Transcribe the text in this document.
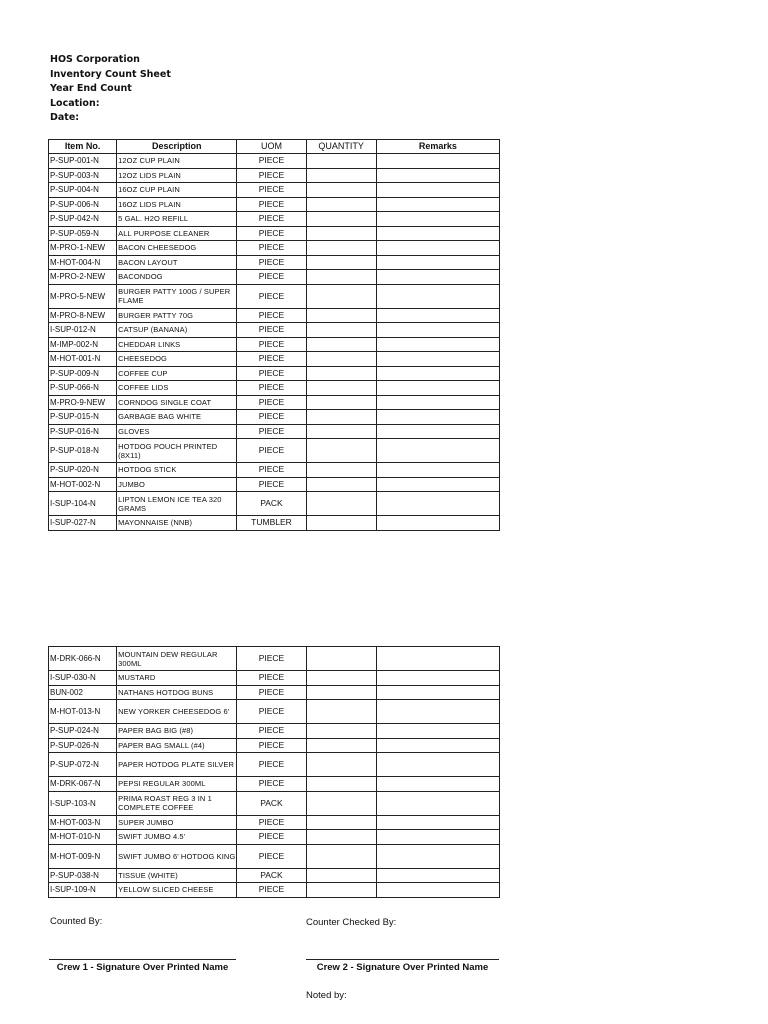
HOS Corporation
Inventory Count Sheet
Year End Count
Location:
Date:
Item No.	Description	UOM	QUANTITY	Remarks
P-SUP-001-N	12OZ CUP PLAIN	PIECE		
P-SUP-003-N	12OZ LIDS PLAIN	PIECE		
P-SUP-004-N	16OZ CUP PLAIN	PIECE		
P-SUP-006-N	16OZ LIDS PLAIN	PIECE		
P-SUP-042-N	5 GAL. H2O REFILL	PIECE		
P-SUP-059-N	ALL PURPOSE CLEANER	PIECE		
M-PRO-1-NEW	BACON CHEESEDOG	PIECE		
M-HOT-004-N	BACON LAYOUT	PIECE		
M-PRO-2-NEW	BACONDOG	PIECE		
M-PRO-5-NEW	BURGER PATTY 100G / SUPER FLAME	PIECE		
M-PRO-8-NEW	BURGER PATTY 70G	PIECE		
I-SUP-012-N	CATSUP (BANANA)	PIECE		
M-IMP-002-N	CHEDDAR LINKS	PIECE		
M-HOT-001-N	CHEESEDOG	PIECE		
P-SUP-009-N	COFFEE CUP	PIECE		
P-SUP-066-N	COFFEE LIDS	PIECE		
M-PRO-9-NEW	CORNDOG SINGLE COAT	PIECE		
P-SUP-015-N	GARBAGE BAG WHITE	PIECE		
P-SUP-016-N	GLOVES	PIECE		
P-SUP-018-N	HOTDOG POUCH PRINTED (8X11)	PIECE		
P-SUP-020-N	HOTDOG STICK	PIECE		
M-HOT-002-N	JUMBO	PIECE		
I-SUP-104-N	LIPTON LEMON ICE TEA 320 GRAMS	PACK		
I-SUP-027-N	MAYONNAISE (NNB)	TUMBLER		
M-DRK-066-N	MOUNTAIN DEW REGULAR 300ML	PIECE		
I-SUP-030-N	MUSTARD	PIECE		
BUN-002	NATHANS HOTDOG BUNS	PIECE		
M-HOT-013-N	NEW YORKER CHEESEDOG 6'	PIECE		
P-SUP-024-N	PAPER BAG BIG (#8)	PIECE		
P-SUP-026-N	PAPER BAG SMALL (#4)	PIECE		
P-SUP-072-N	PAPER HOTDOG PLATE SILVER	PIECE		
M-DRK-067-N	PEPSI REGULAR 300ML	PIECE		
I-SUP-103-N	PRIMA ROAST REG 3 IN 1 COMPLETE COFFEE	PACK		
M-HOT-003-N	SUPER JUMBO	PIECE		
M-HOT-010-N	SWIFT JUMBO 4.5'	PIECE		
M-HOT-009-N	SWIFT JUMBO 6' HOTDOG KING	PIECE		
P-SUP-038-N	TISSUE (WHITE)	PACK		
I-SUP-109-N	YELLOW SLICED CHEESE	PIECE		
Counted By:	Counter Checked By:
Crew 1 - Signature Over Printed Name	Crew 2 - Signature Over Printed Name
Noted by:
